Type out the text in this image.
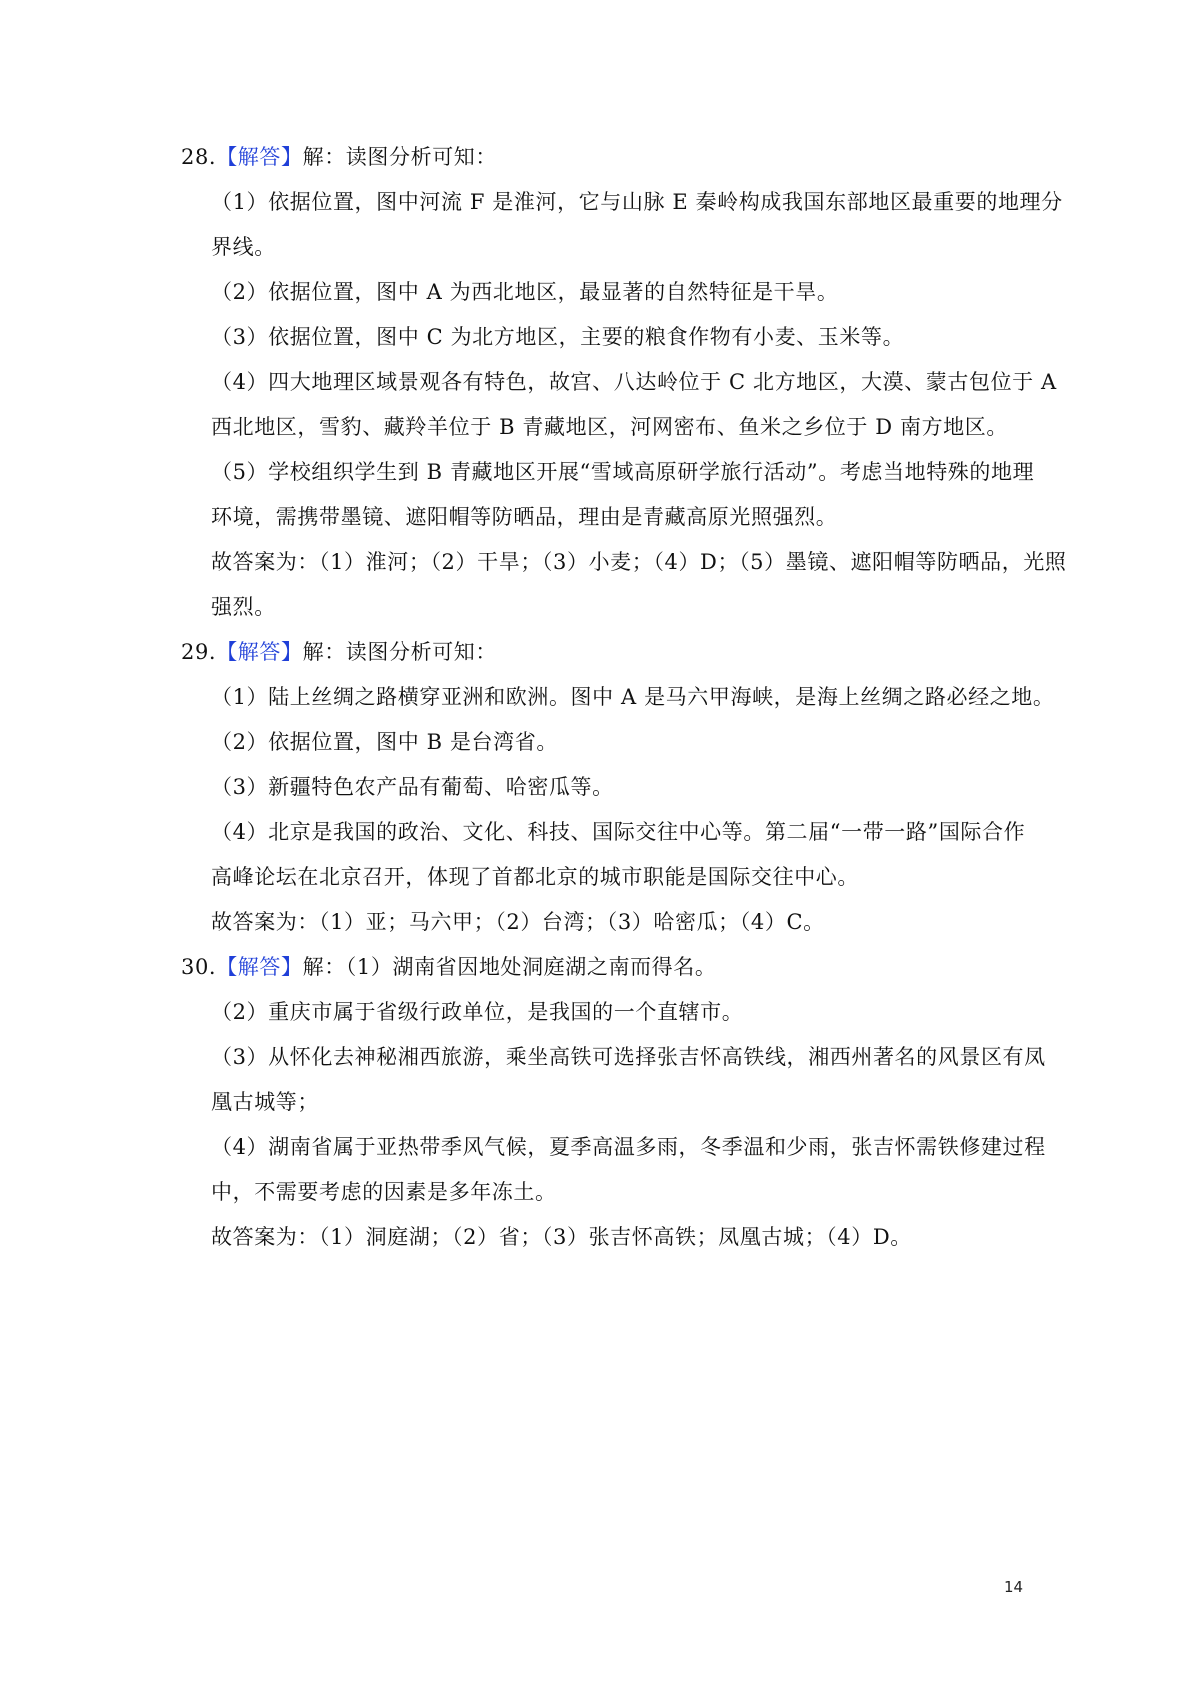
28.【解答】解：读图分析可知：
（1）依据位置，图中河流 F 是淮河，它与山脉 E 秦岭构成我国东部地区最重要的地理分
界线。
（2）依据位置，图中 A 为西北地区，最显著的自然特征是干旱。
（3）依据位置，图中 C 为北方地区，主要的粮食作物有小麦、玉米等。
（4）四大地理区域景观各有特色，故宫、八达岭位于 C 北方地区，大漠、蒙古包位于 A
西北地区，雪豹、藏羚羊位于 B 青藏地区，河网密布、鱼米之乡位于 D 南方地区。
（5）学校组织学生到 B 青藏地区开展“雪域高原研学旅行活动”。考虑当地特殊的地理
环境，需携带墨镜、遮阳帽等防晒品，理由是青藏高原光照强烈。
故答案为：（1）淮河；（2）干旱；（3）小麦；（4）D；（5）墨镜、遮阳帽等防晒品，光照
强烈。
29.【解答】解：读图分析可知：
（1）陆上丝绸之路横穿亚洲和欧洲。图中 A 是马六甲海峡，是海上丝绸之路必经之地。
（2）依据位置，图中 B 是台湾省。
（3）新疆特色农产品有葡萄、哈密瓜等。
（4）北京是我国的政治、文化、科技、国际交往中心等。第二届“一带一路”国际合作
高峰论坛在北京召开，体现了首都北京的城市职能是国际交往中心。
故答案为：（1）亚；马六甲；（2）台湾；（3）哈密瓜；（4）C。
30.【解答】解：（1）湖南省因地处洞庭湖之南而得名。
（2）重庆市属于省级行政单位，是我国的一个直辖市。
（3）从怀化去神秘湘西旅游，乘坐高铁可选择张吉怀高铁线，湘西州著名的风景区有凤
凰古城等；
（4）湖南省属于亚热带季风气候，夏季高温多雨，冬季温和少雨，张吉怀需铁修建过程
中，不需要考虑的因素是多年冻土。
故答案为：（1）洞庭湖；（2）省；（3）张吉怀高铁；凤凰古城；（4）D。
14
